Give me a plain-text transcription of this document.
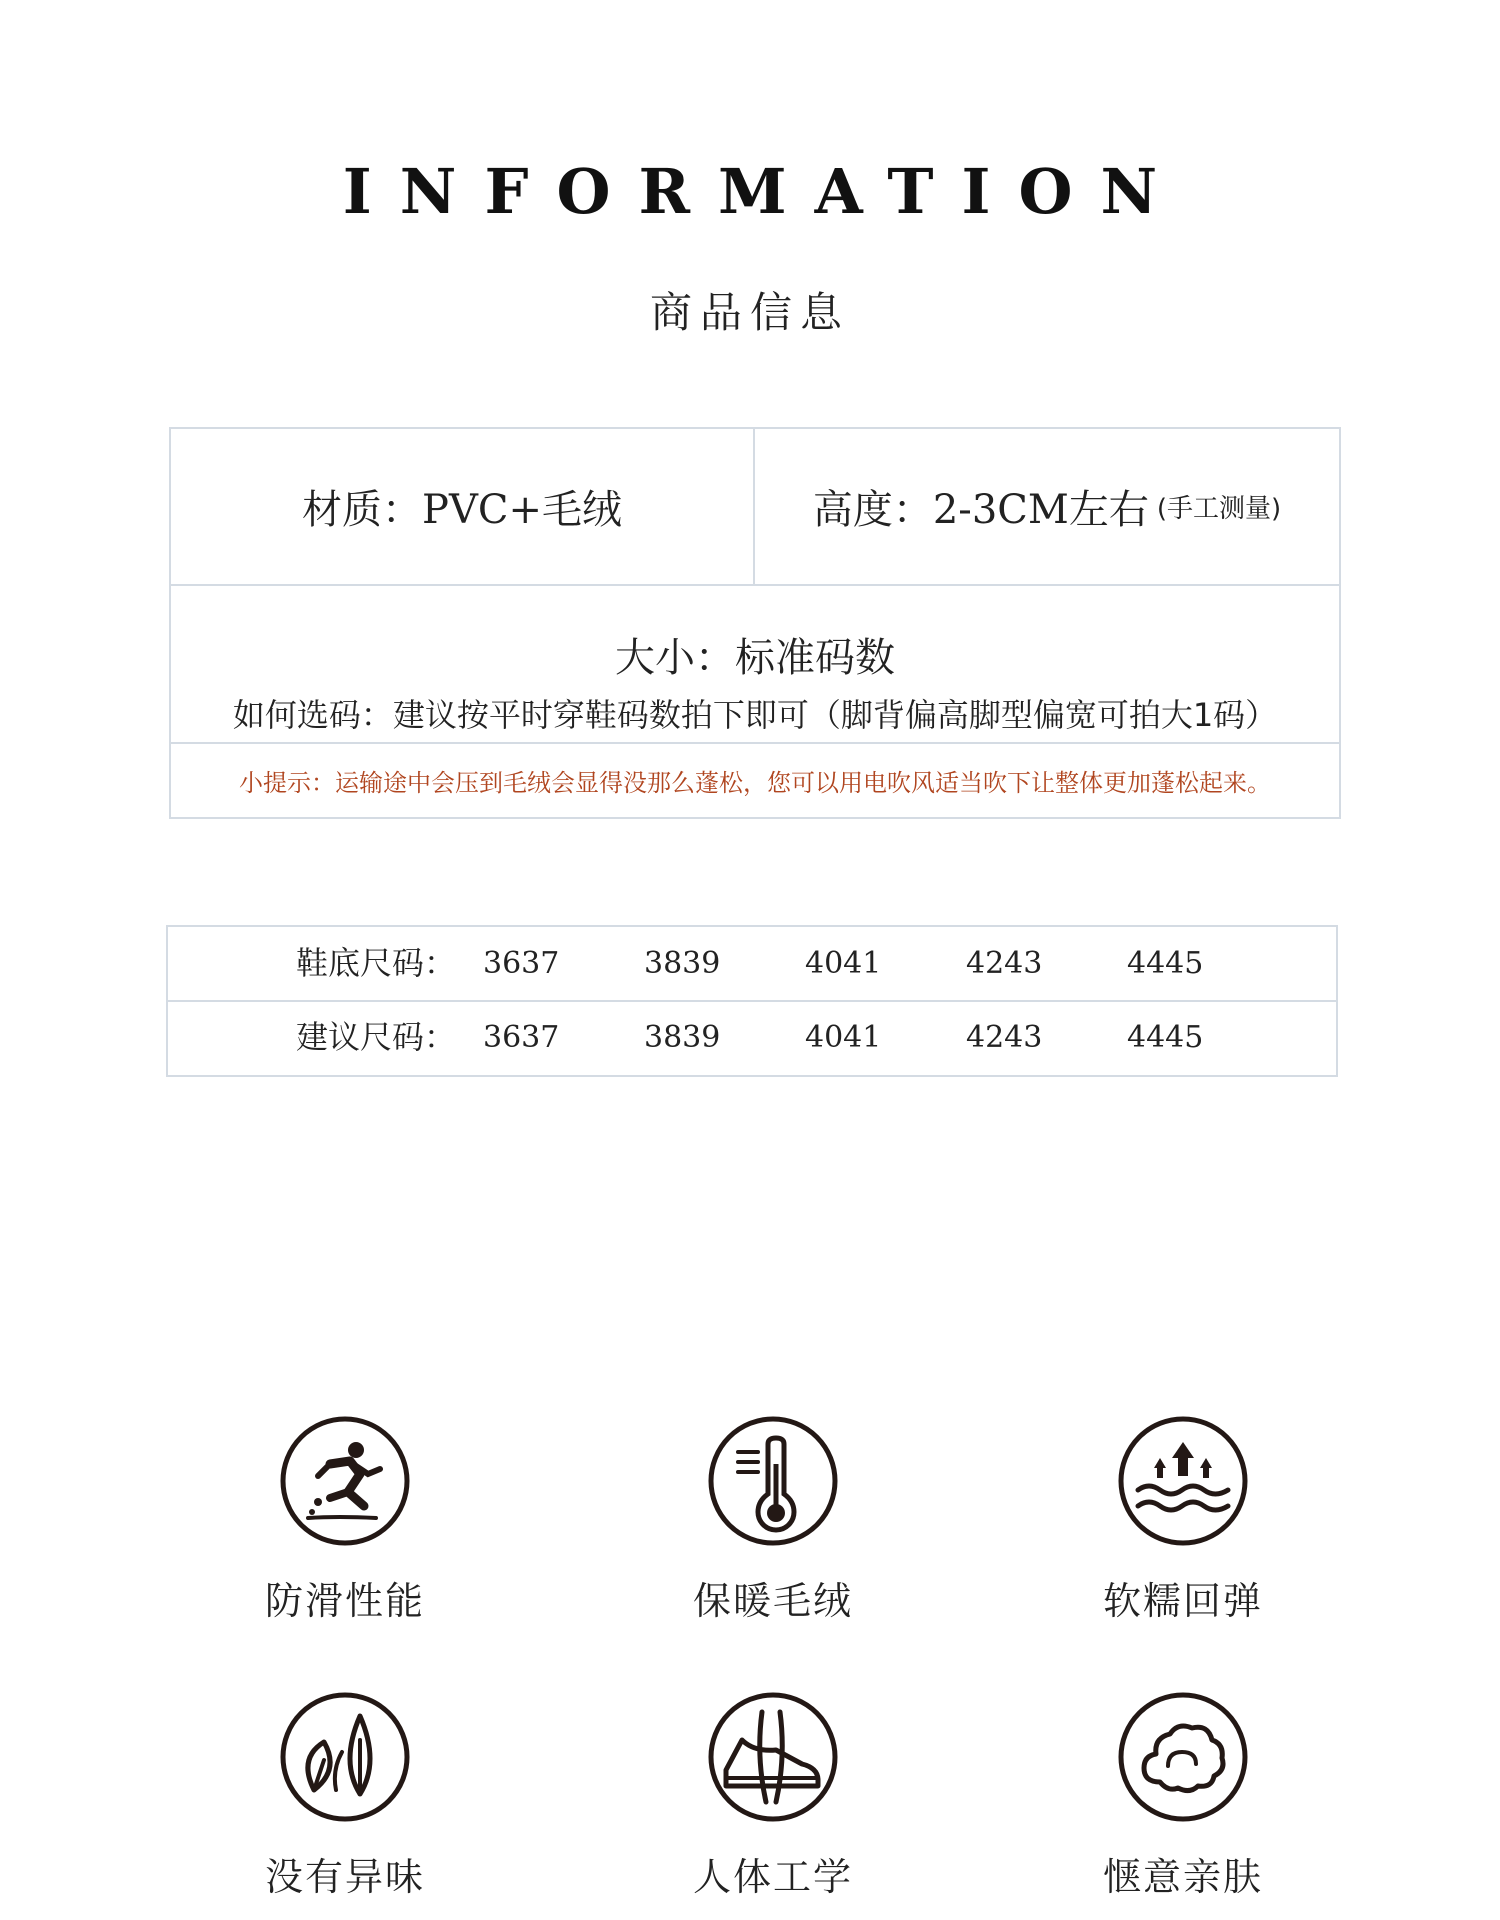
INFORMATION
商品信息
材质： PVC+毛绒	高度： 2-3CM左右 (手工测量)
大小：标准码数
如何选码：建议按平时穿鞋码数拍下即可（脚背偏高脚型偏宽可拍大1码）
小提示：运输途中会压到毛绒会显得没那么蓬松，您可以用电吹风适当吹下让整体更加蓬松起来。
鞋底尺码： 3637	3839	4041	4243	4445
建议尺码： 3637	3839	4041	4243	4445
防滑性能	保暖毛绒	软糯回弹
没有异味	人体工学	惬意亲肤
